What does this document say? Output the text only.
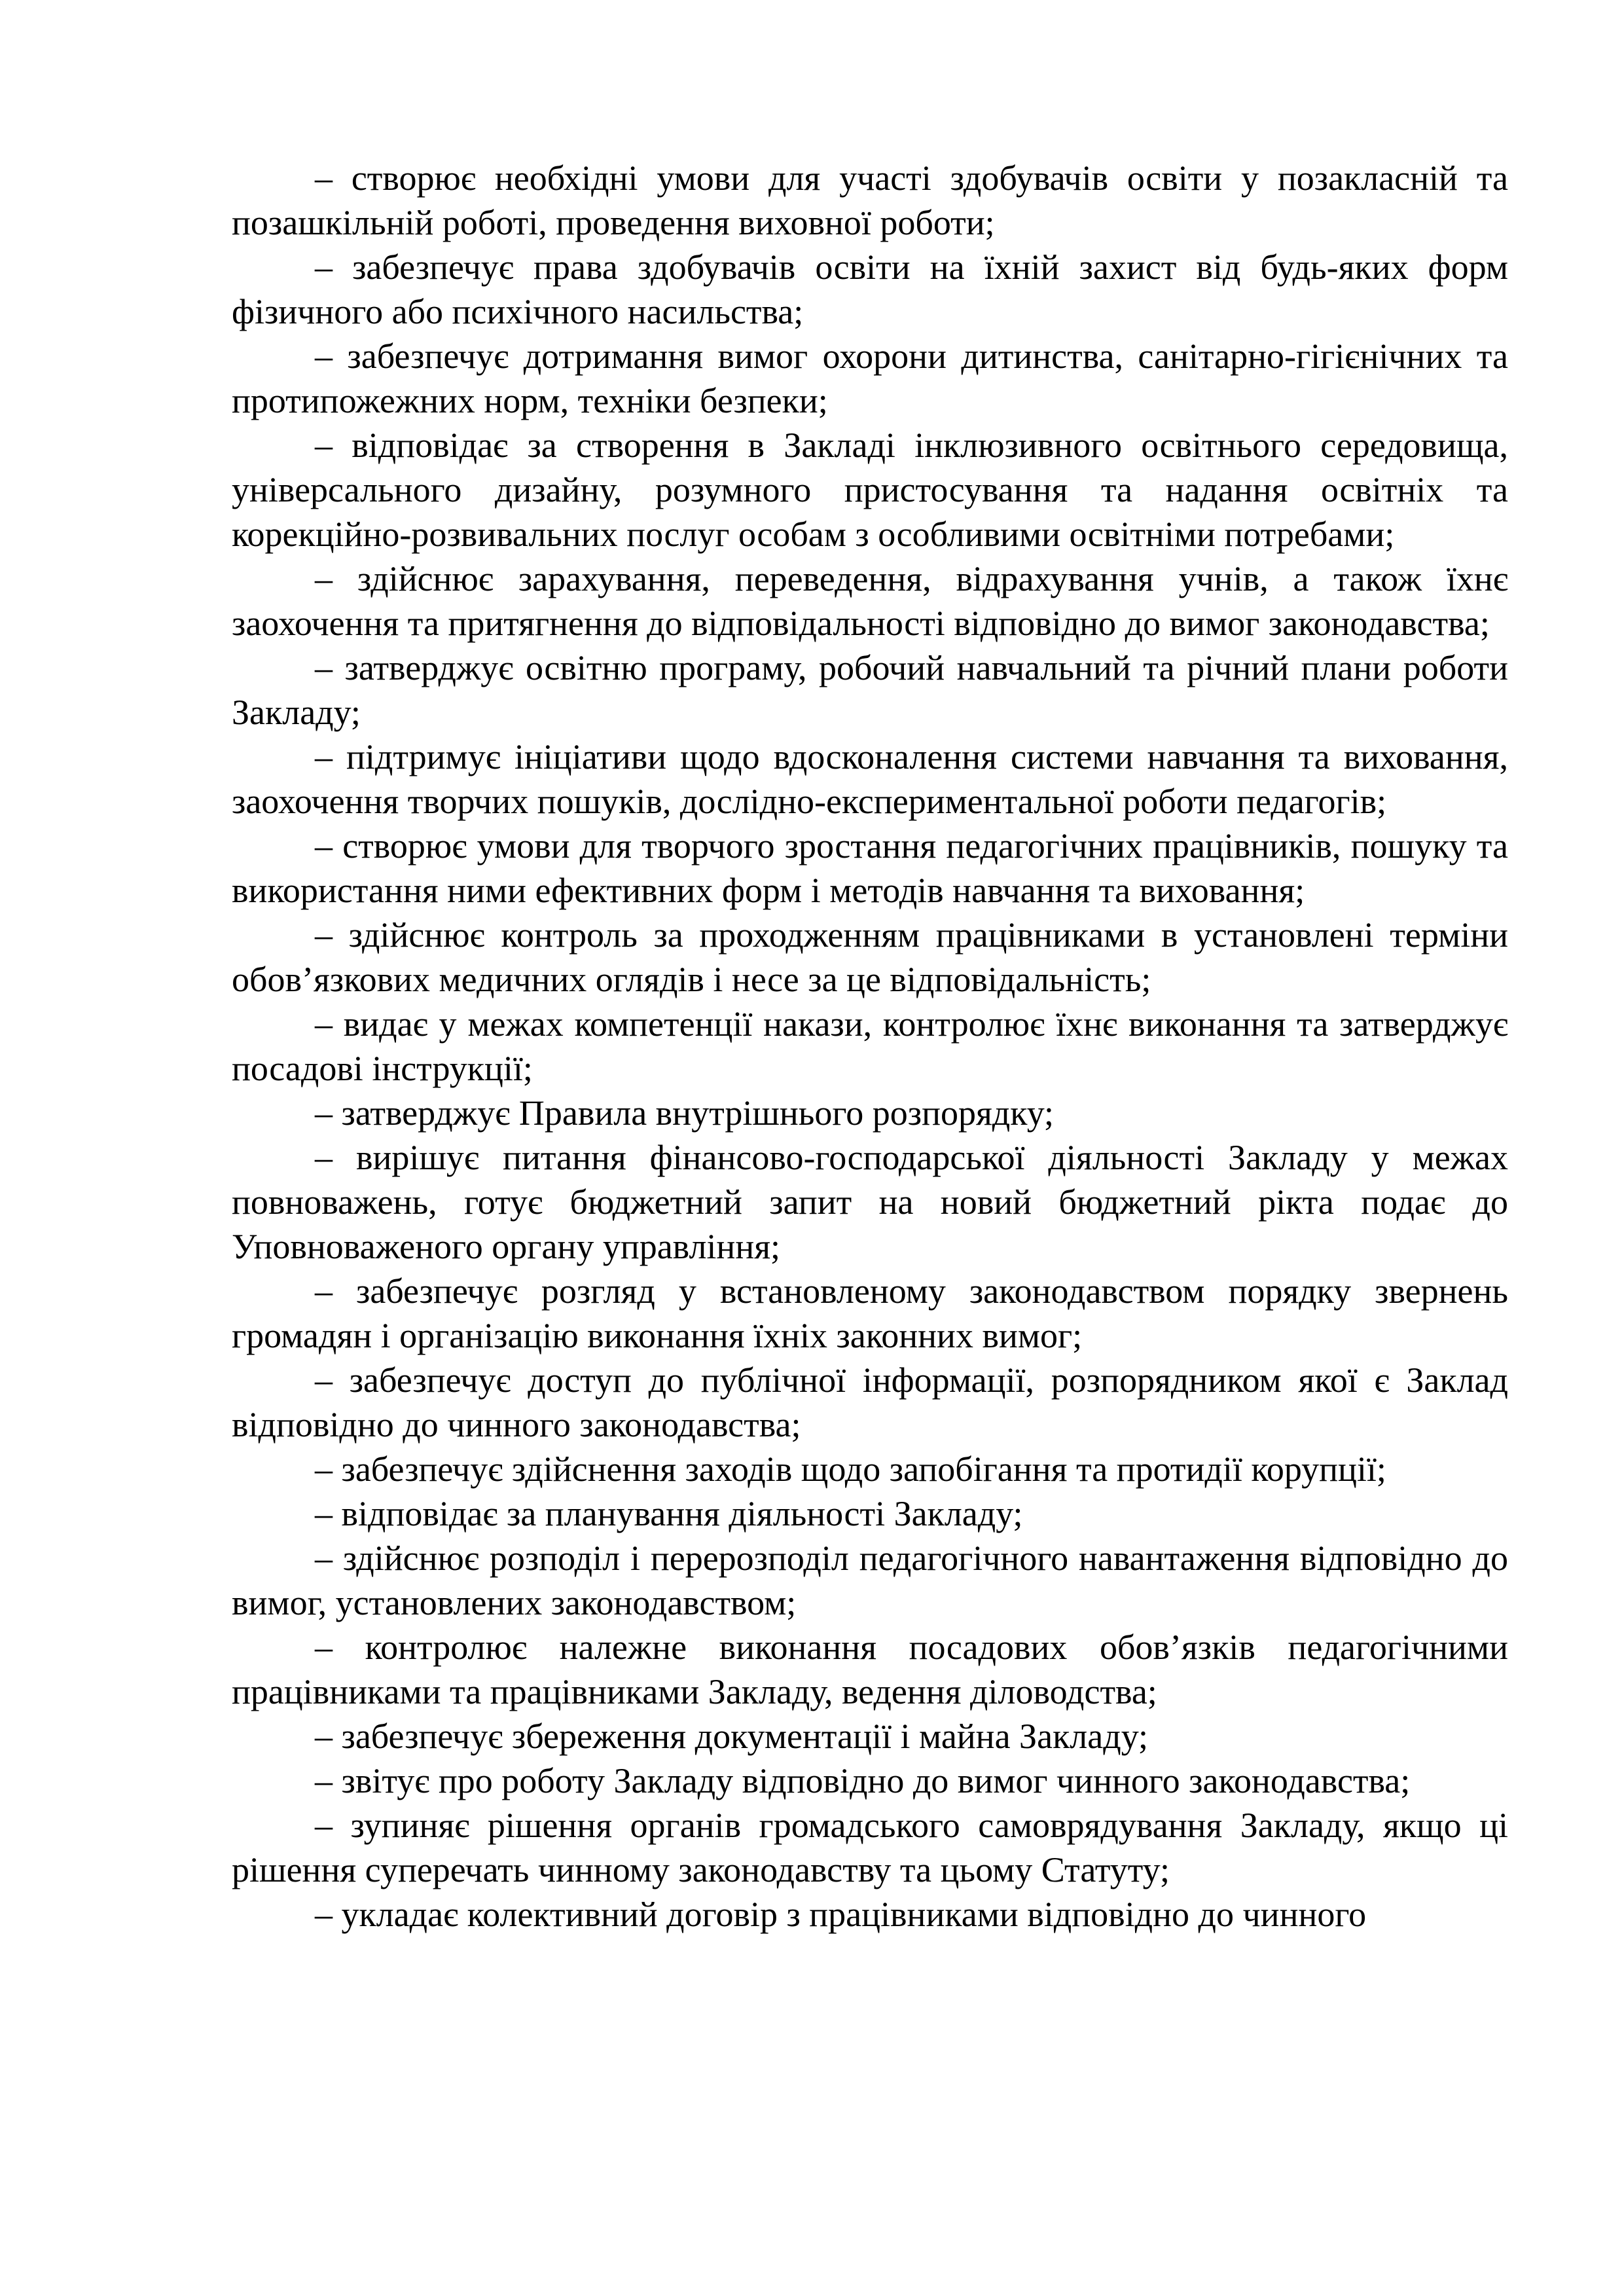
– створює необхідні умови для участі здобувачів освіти у позакласній та позашкільній роботі, проведення виховної роботи;

– забезпечує права здобувачів освіти на їхній захист від будь-яких форм фізичного або психічного насильства;

– забезпечує дотримання вимог охорони дитинства, санітарно-гігієнічних та протипожежних норм, техніки безпеки;

– відповідає за створення в Закладі інклюзивного освітнього середовища, універсального дизайну, розумного пристосування та надання освітніх та корекційно-розвивальних послуг особам з особливими освітніми потребами;

– здійснює зарахування, переведення, відрахування учнів, а також їхнє заохочення та притягнення до відповідальності відповідно до вимог законодавства;

– затверджує освітню програму, робочий навчальний та річний плани роботи Закладу;

– підтримує ініціативи щодо вдосконалення системи навчання та виховання, заохочення творчих пошуків, дослідно-експериментальної роботи педагогів;

– створює умови для творчого зростання педагогічних працівників, пошуку та використання ними ефективних форм і методів навчання та виховання;

– здійснює контроль за проходженням працівниками в установлені терміни обов’язкових медичних оглядів і несе за це відповідальність;

– видає у межах компетенції накази, контролює їхнє виконання та затверджує посадові інструкції;

– затверджує Правила внутрішнього розпорядку;

– вирішує питання фінансово-господарської діяльності Закладу у межах повноважень, готує бюджетний запит на новий бюджетний рікта подає до Уповноваженого органу управління;

– забезпечує розгляд у встановленому законодавством порядку звернень громадян і організацію виконання їхніх законних вимог;

– забезпечує доступ до публічної інформації, розпорядником якої є Заклад відповідно до чинного законодавства;

– забезпечує здійснення заходів щодо запобігання та протидії корупції;

– відповідає за планування діяльності Закладу;

– здійснює розподіл і перерозподіл педагогічного навантаження відповідно до вимог, установлених законодавством;

– контролює належне виконання посадових обов’язків педагогічними працівниками та працівниками Закладу, ведення діловодства;

– забезпечує збереження документації і майна Закладу;

– звітує про роботу Закладу відповідно до вимог чинного законодавства;

– зупиняє рішення органів громадського самоврядування Закладу, якщо ці рішення суперечать чинному законодавству та цьому Статуту;

– укладає колективний договір з працівниками відповідно до чинного
